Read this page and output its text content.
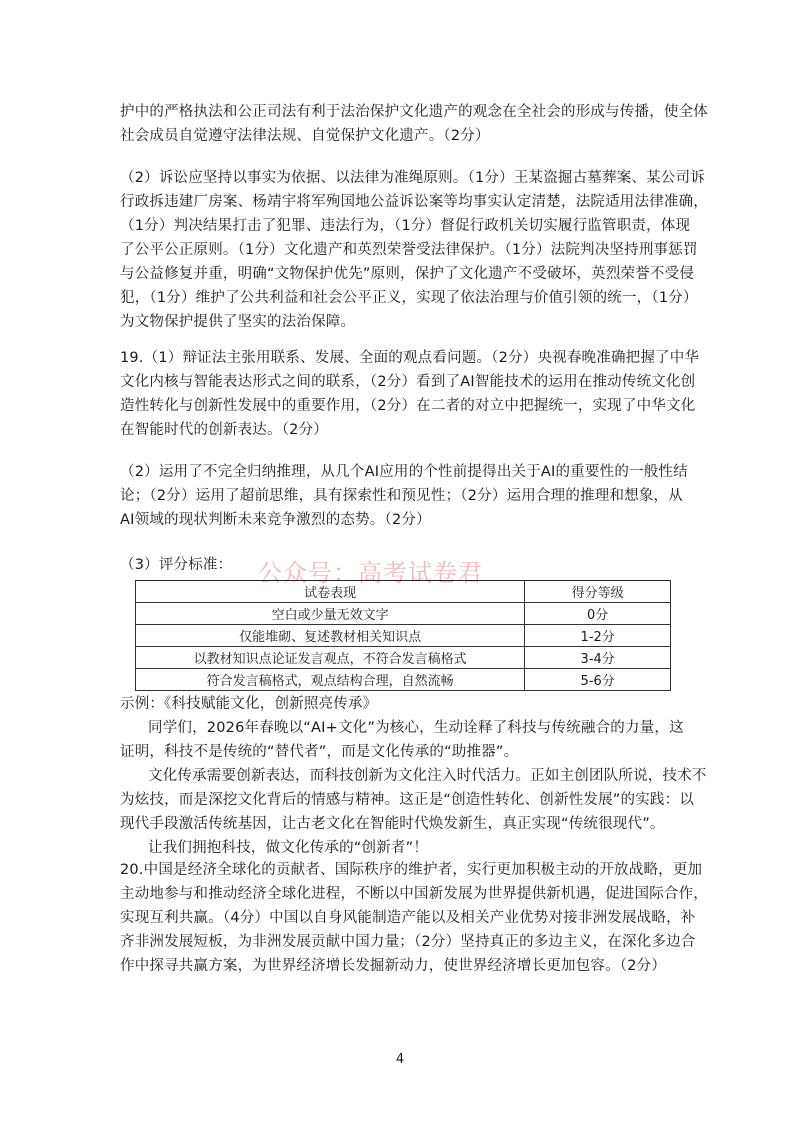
护中的严格执法和公正司法有利于法治保护文化遗产的观念在全社会的形成与传播，使全体
社会成员自觉遵守法律法规、自觉保护文化遗产。（2分）
（2）诉讼应坚持以事实为依据、以法律为准绳原则。（1分）王某盗掘古墓葬案、某公司诉
行政拆违建厂房案、杨靖宇将军殉国地公益诉讼案等均事实认定清楚，法院适用法律准确，
（1分）判决结果打击了犯罪、违法行为，（1分）督促行政机关切实履行监管职责，体现
了公平公正原则。（1分）文化遗产和英烈荣誉受法律保护。（1分）法院判决坚持刑事惩罚
与公益修复并重，明确“文物保护优先”原则，保护了文化遗产不受破坏，英烈荣誉不受侵
犯，（1分）维护了公共利益和社会公平正义，实现了依法治理与价值引领的统一，（1分）
为文物保护提供了坚实的法治保障。
19.（1）辩证法主张用联系、发展、全面的观点看问题。（2分）央视春晚准确把握了中华
文化内核与智能表达形式之间的联系，（2分）看到了AI智能技术的运用在推动传统文化创
造性转化与创新性发展中的重要作用，（2分）在二者的对立中把握统一，实现了中华文化
在智能时代的创新表达。（2分）
（2）运用了不完全归纳推理，从几个AI应用的个性前提得出关于AI的重要性的一般性结
论；（2分）运用了超前思维，具有探索性和预见性；（2分）运用合理的推理和想象，从
AI领域的现状判断未来竞争激烈的态势。（2分）
（3）评分标准：	公众号：高考试卷君
试卷表现	得分等级
空白或少量无效文字	0分
仅能堆砌、复述教材相关知识点	1-2分
以教材知识点论证发言观点，不符合发言稿格式	3-4分
符合发言稿格式，观点结构合理，自然流畅	5-6分
示例：《科技赋能文化，创新照亮传承》
同学们，2026年春晚以“AI+文化”为核心，生动诠释了科技与传统融合的力量，这
证明，科技不是传统的“替代者”，而是文化传承的“助推器”。
文化传承需要创新表达，而科技创新为文化注入时代活力。正如主创团队所说，技术不
为炫技，而是深挖文化背后的情感与精神。这正是“创造性转化、创新性发展”的实践：以
现代手段激活传统基因，让古老文化在智能时代焕发新生，真正实现“传统很现代”。
让我们拥抱科技，做文化传承的“创新者”！
20.中国是经济全球化的贡献者、国际秩序的维护者，实行更加积极主动的开放战略，更加
主动地参与和推动经济全球化进程，不断以中国新发展为世界提供新机遇，促进国际合作，
实现互利共赢。（4分）中国以自身风能制造产能以及相关产业优势对接非洲发展战略，补
齐非洲发展短板，为非洲发展贡献中国力量；（2分）坚持真正的多边主义，在深化多边合
作中探寻共赢方案，为世界经济增长发掘新动力，使世界经济增长更加包容。（2分）
4
